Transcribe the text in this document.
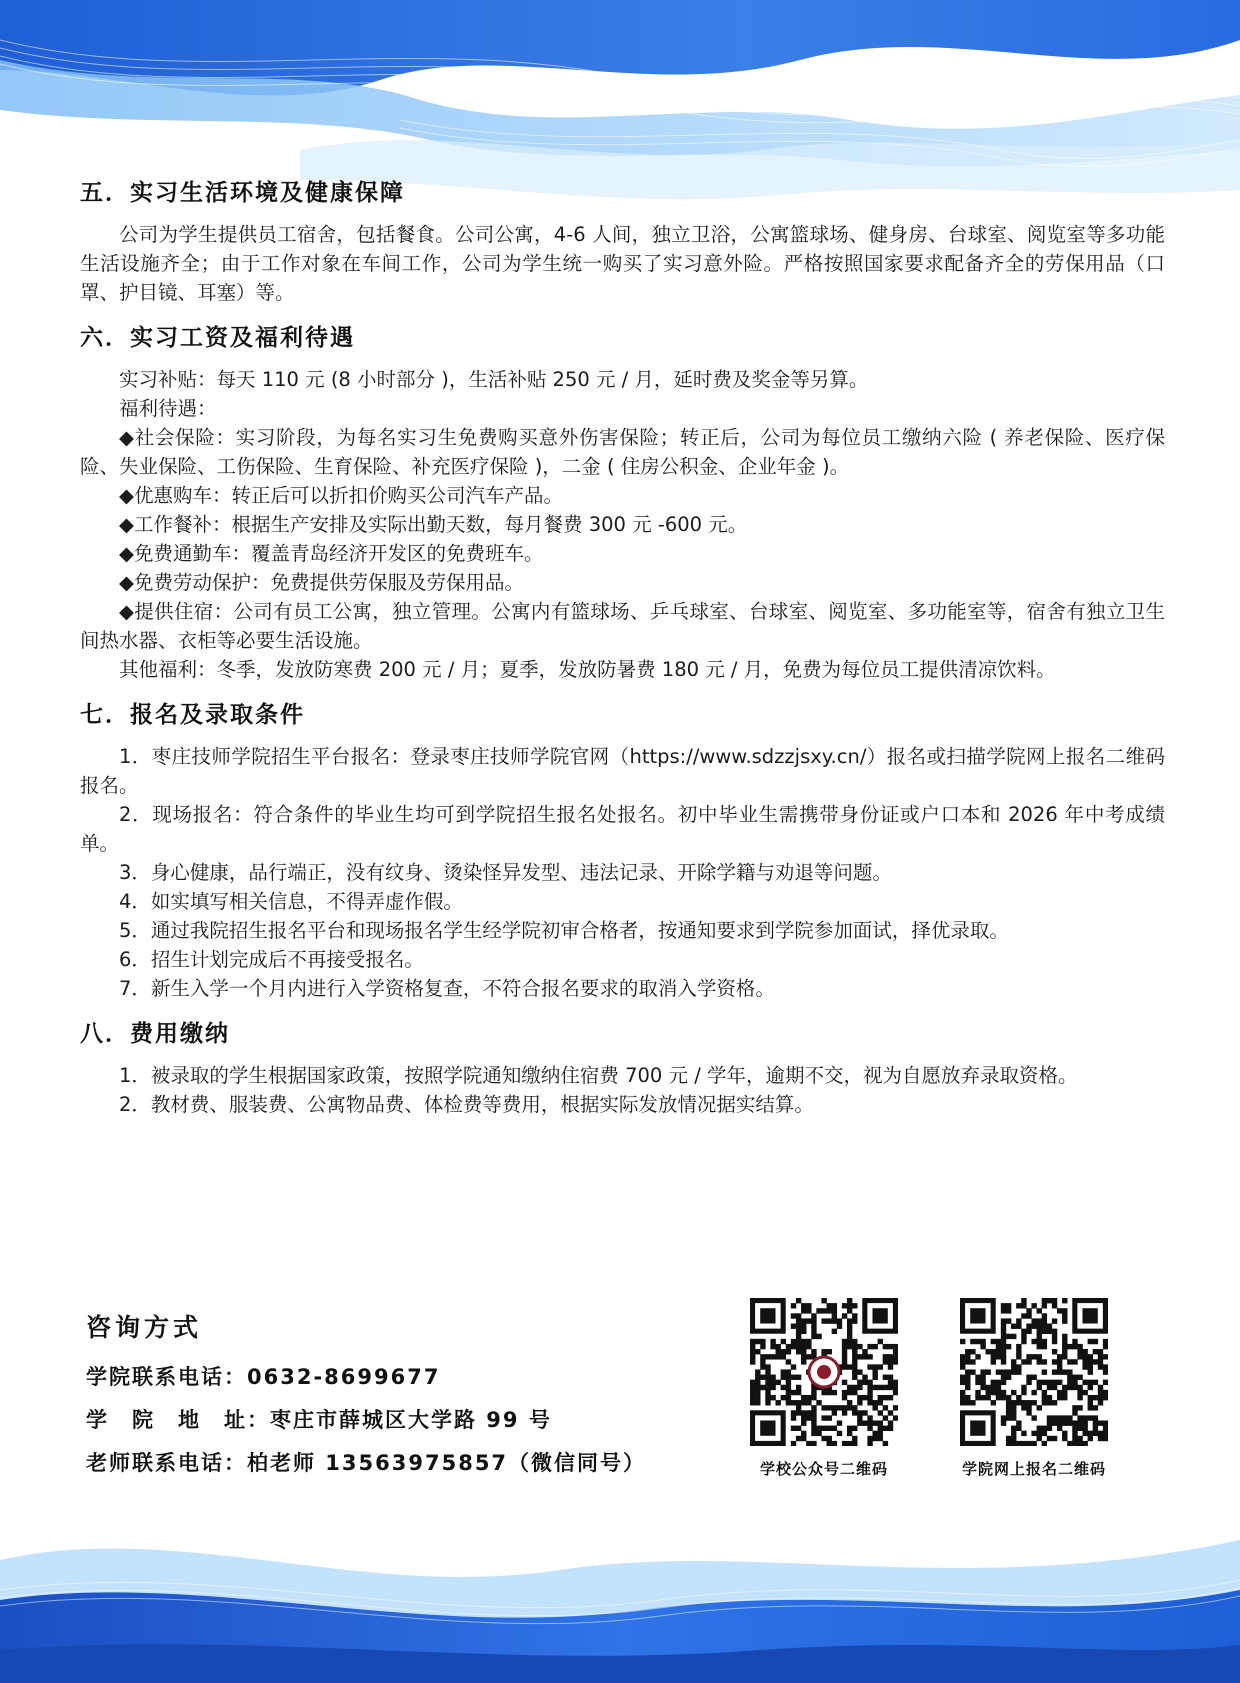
五．实习生活环境及健康保障

公司为学生提供员工宿舍，包括餐食。公司公寓，4-6 人间，独立卫浴，公寓篮球场、健身房、台球室、阅览室等多功能生活设施齐全；由于工作对象在车间工作，公司为学生统一购买了实习意外险。严格按照国家要求配备齐全的劳保用品（口罩、护目镜、耳塞）等。

六．实习工资及福利待遇

实习补贴：每天 110 元 (8 小时部分 )，生活补贴 250 元 / 月，延时费及奖金等另算。

福利待遇：

◆社会保险：实习阶段，为每名实习生免费购买意外伤害保险；转正后，公司为每位员工缴纳六险 ( 养老保险、医疗保险、失业保险、工伤保险、生育保险、补充医疗保险 )，二金 ( 住房公积金、企业年金 )。

◆优惠购车：转正后可以折扣价购买公司汽车产品。

◆工作餐补：根据生产安排及实际出勤天数，每月餐费 300 元 -600 元。

◆免费通勤车：覆盖青岛经济开发区的免费班车。

◆免费劳动保护：免费提供劳保服及劳保用品。

◆提供住宿：公司有员工公寓，独立管理。公寓内有篮球场、乒乓球室、台球室、阅览室、多功能室等，宿舍有独立卫生间热水器、衣柜等必要生活设施。

其他福利：冬季，发放防寒费 200 元 / 月；夏季，发放防暑费 180 元 / 月，免费为每位员工提供清凉饮料。

七．报名及录取条件

1．枣庄技师学院招生平台报名：登录枣庄技师学院官网（https://www.sdzzjsxy.cn/）报名或扫描学院网上报名二维码报名。

2．现场报名：符合条件的毕业生均可到学院招生报名处报名。初中毕业生需携带身份证或户口本和 2026 年中考成绩单。

3．身心健康，品行端正，没有纹身、烫染怪异发型、违法记录、开除学籍与劝退等问题。

4．如实填写相关信息，不得弄虚作假。

5．通过我院招生报名平台和现场报名学生经学院初审合格者，按通知要求到学院参加面试，择优录取。

6．招生计划完成后不再接受报名。

7．新生入学一个月内进行入学资格复查，不符合报名要求的取消入学资格。

八．费用缴纳

1．被录取的学生根据国家政策，按照学院通知缴纳住宿费 700 元 / 学年，逾期不交，视为自愿放弃录取资格。

2．教材费、服装费、公寓物品费、体检费等费用，根据实际发放情况据实结算。

咨询方式
学院联系电话：0632-8699677
学　院　地　址：枣庄市薛城区大学路 99 号
老师联系电话：柏老师 13563975857（微信同号）	学校公众号二维码	学院网上报名二维码
